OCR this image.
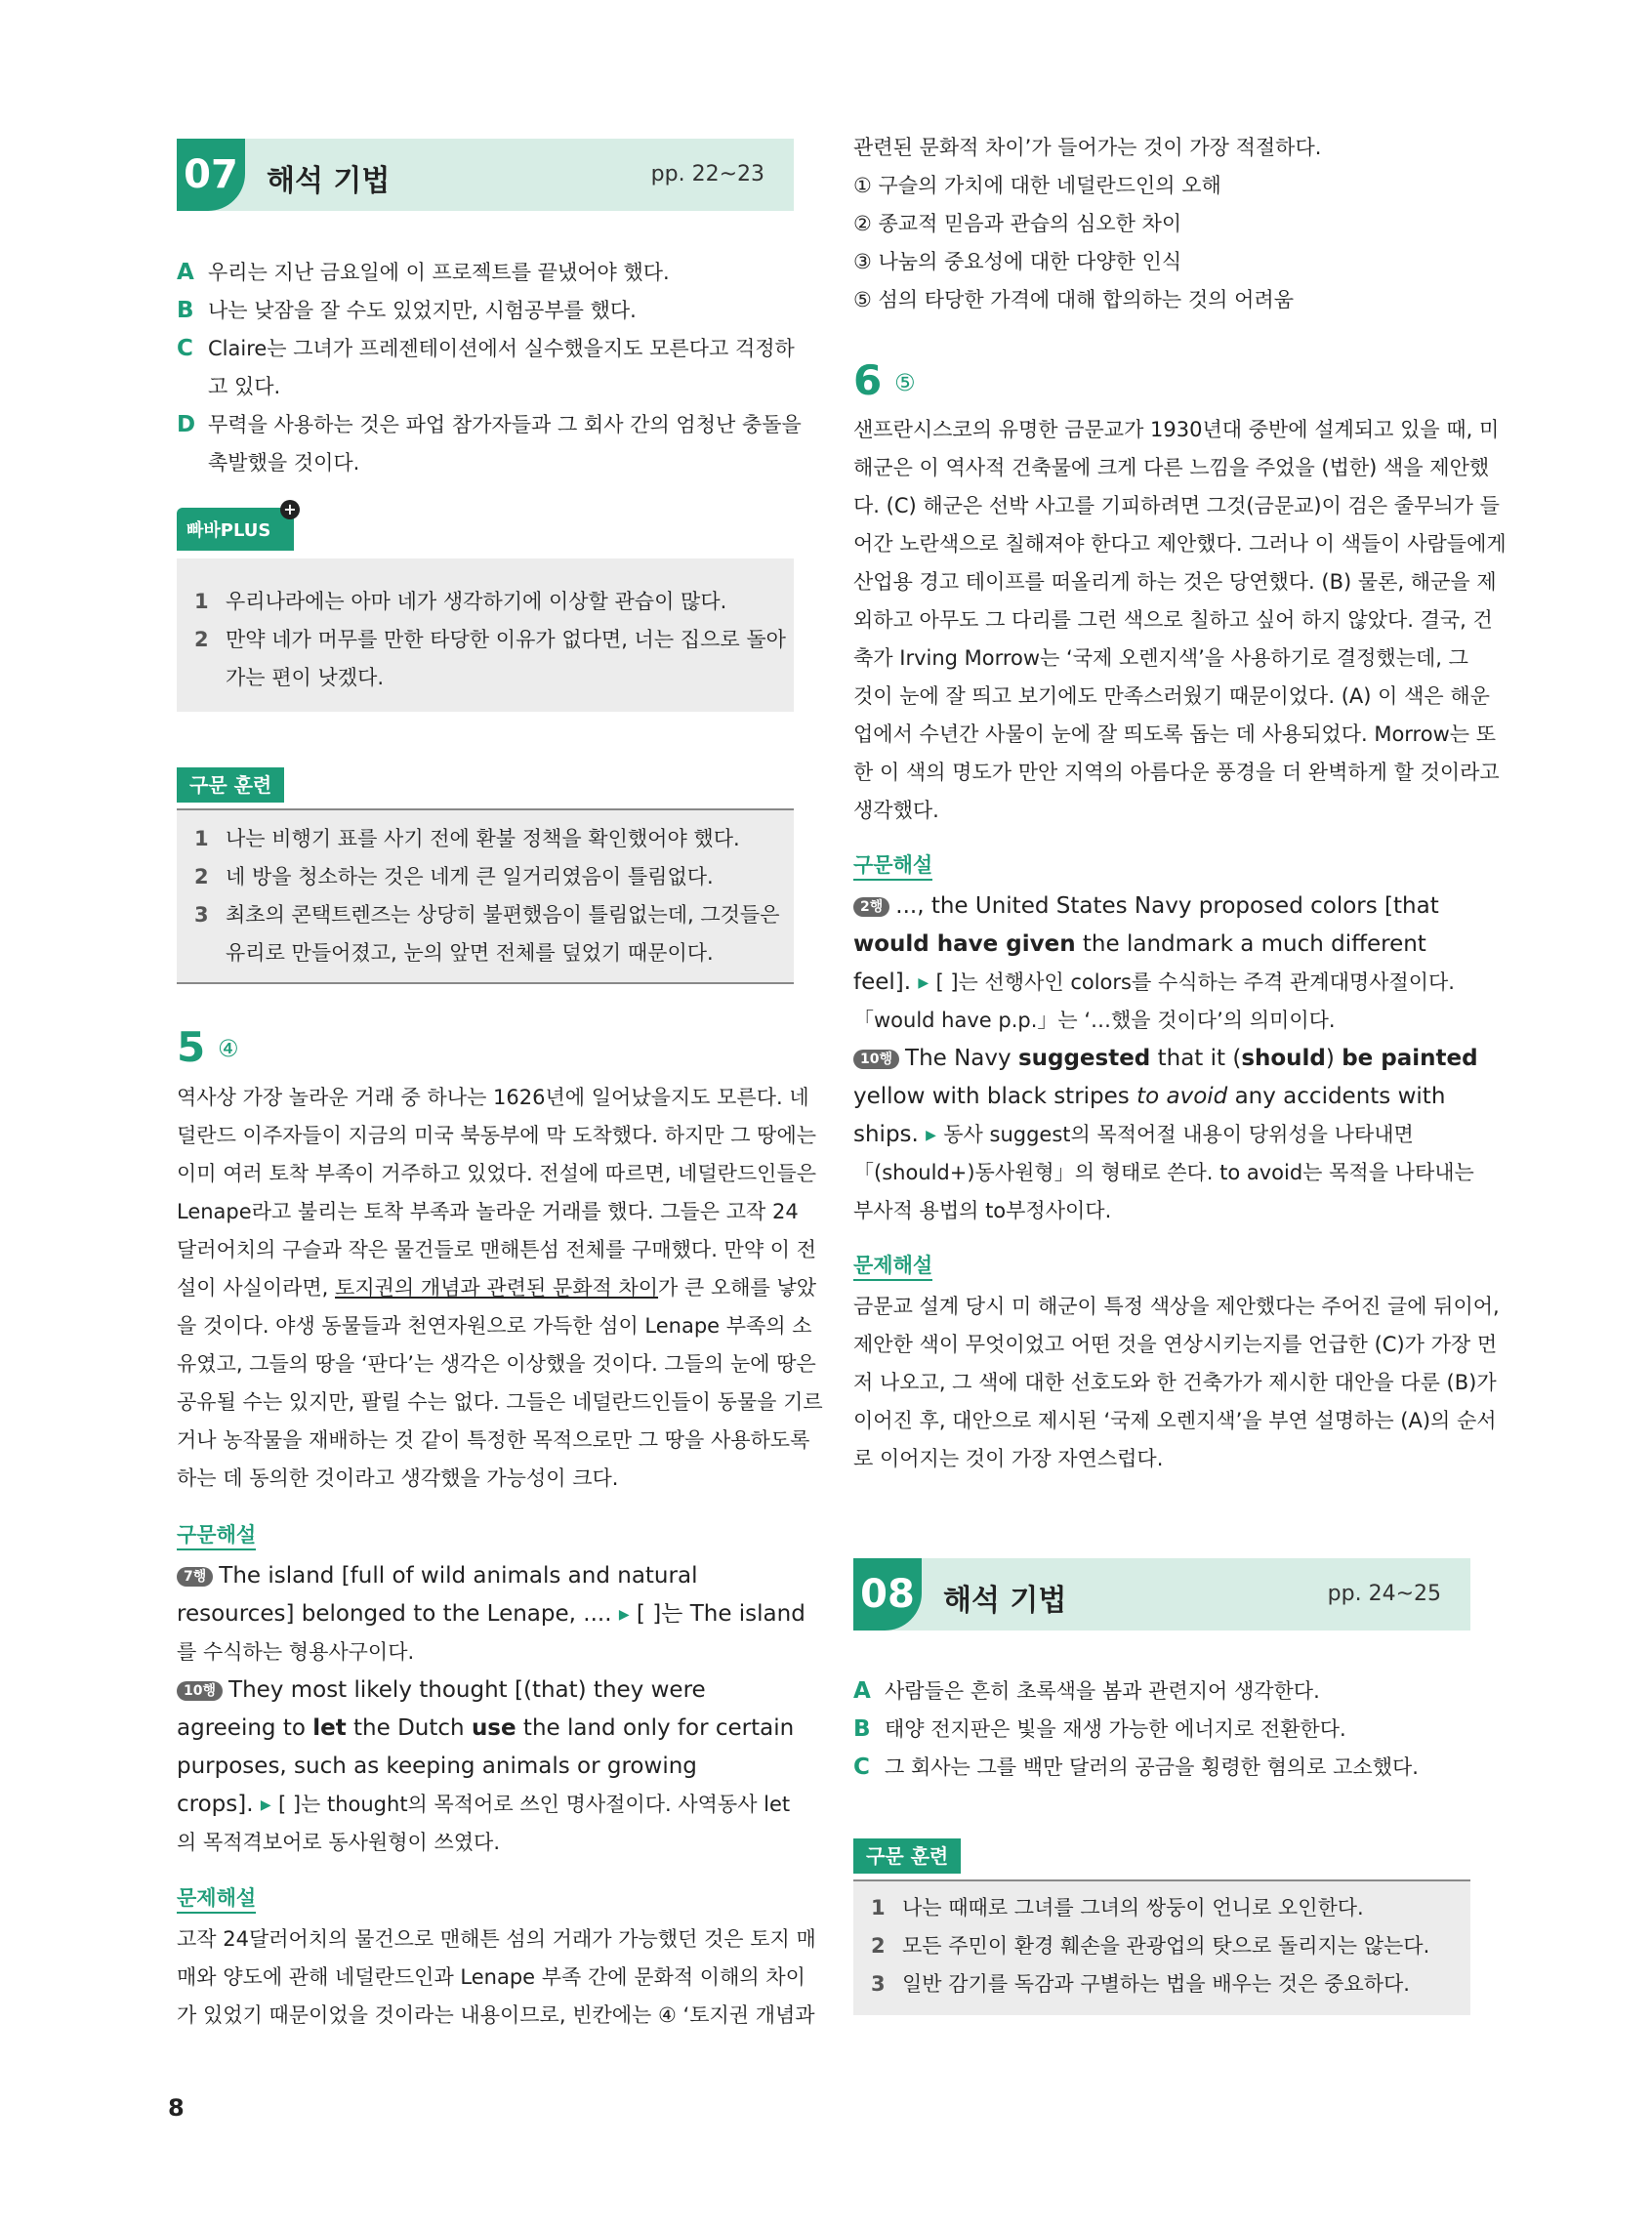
07 해석 기법	pp. 22~23
A 우리는 지난 금요일에 이 프로젝트를 끝냈어야 했다.
B 나는 낮잠을 잘 수도 있었지만, 시험공부를 했다.
C Claire는 그녀가 프레젠테이션에서 실수했을지도 모른다고 걱정하
고 있다.
D 무력을 사용하는 것은 파업 참가자들과 그 회사 간의 엄청난 충돌을
촉발했을 것이다.
빠바PLUS
+
1 우리나라에는 아마 네가 생각하기에 이상할 관습이 많다.
2 만약 네가 머무를 만한 타당한 이유가 없다면, 너는 집으로 돌아
가는 편이 낫겠다.
구문 훈련
1 나는 비행기 표를 사기 전에 환불 정책을 확인했어야 했다.
2 네 방을 청소하는 것은 네게 큰 일거리였음이 틀림없다.
3 최초의 콘택트렌즈는 상당히 불편했음이 틀림없는데, 그것들은
유리로 만들어졌고, 눈의 앞면 전체를 덮었기 때문이다.
5 ④
역사상 가장 놀라운 거래 중 하나는 1626년에 일어났을지도 모른다. 네
덜란드 이주자들이 지금의 미국 북동부에 막 도착했다. 하지만 그 땅에는
이미 여러 토착 부족이 거주하고 있었다. 전설에 따르면, 네덜란드인들은
Lenape라고 불리는 토착 부족과 놀라운 거래를 했다. 그들은 고작 24
달러어치의 구슬과 작은 물건들로 맨해튼섬 전체를 구매했다. 만약 이 전
설이 사실이라면, 토지권의 개념과 관련된 문화적 차이가 큰 오해를 낳았
을 것이다. 야생 동물들과 천연자원으로 가득한 섬이 Lenape 부족의 소
유였고, 그들의 땅을 ‘판다’는 생각은 이상했을 것이다. 그들의 눈에 땅은
공유될 수는 있지만, 팔릴 수는 없다. 그들은 네덜란드인들이 동물을 기르
거나 농작물을 재배하는 것 같이 특정한 목적으로만 그 땅을 사용하도록
하는 데 동의한 것이라고 생각했을 가능성이 크다.
구문해설
7행 The island [full of wild animals and natural
resources] belonged to the Lenape, .... ▶ [ ]는 The island
를 수식하는 형용사구이다.
10행 They most likely thought [(that) they were
agreeing to let the Dutch use the land only for certain
purposes, such as keeping animals or growing
crops]. ▶ [ ]는 thought의 목적어로 쓰인 명사절이다. 사역동사 let
의 목적격보어로 동사원형이 쓰였다.
문제해설
고작 24달러어치의 물건으로 맨해튼 섬의 거래가 가능했던 것은 토지 매
매와 양도에 관해 네덜란드인과 Lenape 부족 간에 문화적 이해의 차이
가 있었기 때문이었을 것이라는 내용이므로, 빈칸에는 ④ ‘토지권 개념과
8
관련된 문화적 차이’가 들어가는 것이 가장 적절하다.
① 구슬의 가치에 대한 네덜란드인의 오해
② 종교적 믿음과 관습의 심오한 차이
③ 나눔의 중요성에 대한 다양한 인식
⑤ 섬의 타당한 가격에 대해 합의하는 것의 어려움
6 ⑤
샌프란시스코의 유명한 금문교가 1930년대 중반에 설계되고 있을 때, 미
해군은 이 역사적 건축물에 크게 다른 느낌을 주었을 (법한) 색을 제안했
다. (C) 해군은 선박 사고를 기피하려면 그것(금문교)이 검은 줄무늬가 들
어간 노란색으로 칠해져야 한다고 제안했다. 그러나 이 색들이 사람들에게
산업용 경고 테이프를 떠올리게 하는 것은 당연했다. (B) 물론, 해군을 제
외하고 아무도 그 다리를 그런 색으로 칠하고 싶어 하지 않았다. 결국, 건
축가 Irving Morrow는 ‘국제 오렌지색’을 사용하기로 결정했는데, 그
것이 눈에 잘 띄고 보기에도 만족스러웠기 때문이었다. (A) 이 색은 해운
업에서 수년간 사물이 눈에 잘 띄도록 돕는 데 사용되었다. Morrow는 또
한 이 색의 명도가 만안 지역의 아름다운 풍경을 더 완벽하게 할 것이라고
생각했다.
구문해설
2행 ..., the United States Navy proposed colors [that
would have given the landmark a much different
feel]. ▶ [ ]는 선행사인 colors를 수식하는 주격 관계대명사절이다.
「would have p.p.」는 ‘…했을 것이다’의 의미이다.
10행 The Navy suggested that it (should) be painted
yellow with black stripes to avoid any accidents with
ships. ▶ 동사 suggest의 목적어절 내용이 당위성을 나타내면
「(should+)동사원형」의 형태로 쓴다. to avoid는 목적을 나타내는
부사적 용법의 to부정사이다.
문제해설
금문교 설계 당시 미 해군이 특정 색상을 제안했다는 주어진 글에 뒤이어,
제안한 색이 무엇이었고 어떤 것을 연상시키는지를 언급한 (C)가 가장 먼
저 나오고, 그 색에 대한 선호도와 한 건축가가 제시한 대안을 다룬 (B)가
이어진 후, 대안으로 제시된 ‘국제 오렌지색’을 부연 설명하는 (A)의 순서
로 이어지는 것이 가장 자연스럽다.
08 해석 기법	pp. 24~25
A 사람들은 흔히 초록색을 봄과 관련지어 생각한다.
B 태양 전지판은 빛을 재생 가능한 에너지로 전환한다.
C 그 회사는 그를 백만 달러의 공금을 횡령한 혐의로 고소했다.
구문 훈련
1 나는 때때로 그녀를 그녀의 쌍둥이 언니로 오인한다.
2 모든 주민이 환경 훼손을 관광업의 탓으로 돌리지는 않는다.
3 일반 감기를 독감과 구별하는 법을 배우는 것은 중요하다.
